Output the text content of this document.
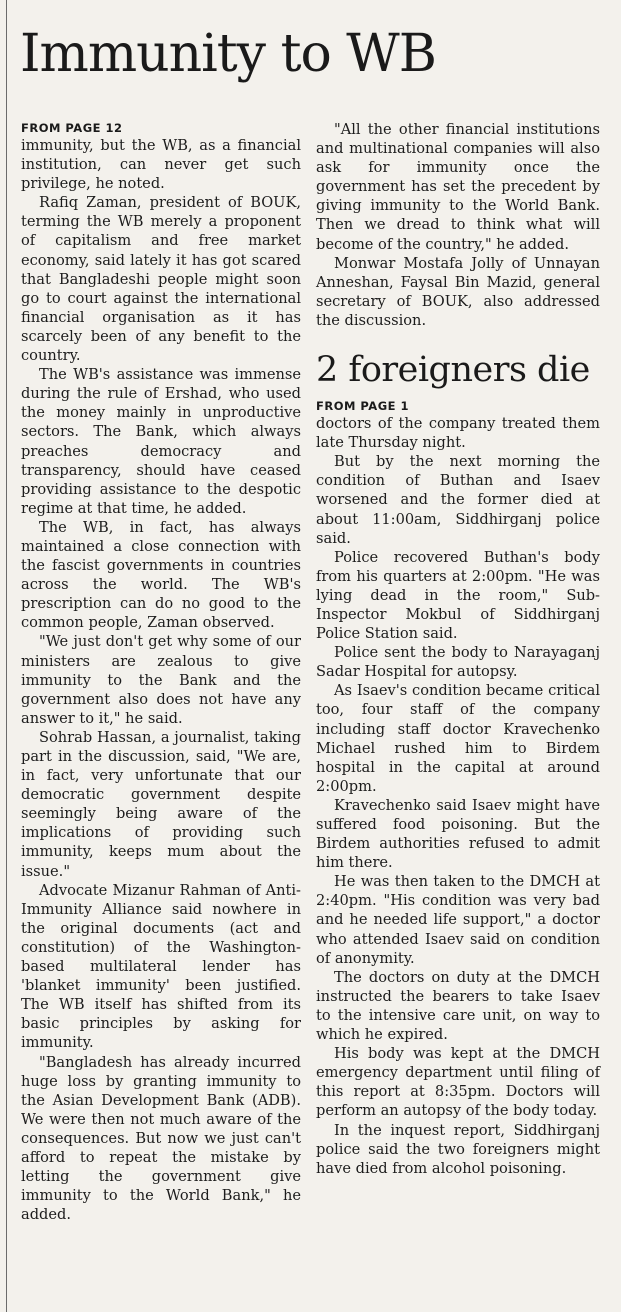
Immunity to WB

FROM PAGE 12

immunity, but the WB, as a financial institution, can never get such privilege, he noted.

Rafiq Zaman, president of BOUK, terming the WB merely a proponent of capitalism and free market economy, said lately it has got scared that Bangladeshi people might soon go to court against the international financial organisation as it has scarcely been of any benefit to the country.

The WB's assistance was immense during the rule of Ershad, who used the money mainly in unproductive sectors. The Bank, which always preaches democracy and transparency, should have ceased providing assistance to the despotic regime at that time, he added.

The WB, in fact, has always maintained a close connection with the fascist governments in countries across the world. The WB's prescription can do no good to the common people, Zaman observed.

"We just don't get why some of our ministers are zealous to give immunity to the Bank and the government also does not have any answer to it," he said.

Sohrab Hassan, a journalist, taking part in the discussion, said, "We are, in fact, very unfortunate that our democratic government despite seemingly being aware of the implications of providing such immunity, keeps mum about the issue."

Advocate Mizanur Rahman of Anti-Immunity Alliance said nowhere in the original documents (act and constitution) of the Washington-based multilateral lender has 'blanket immunity' been justified. The WB itself has shifted from its basic principles by asking for immunity.

"Bangladesh has already incurred huge loss by granting immunity to the Asian Development Bank (ADB). We were then not much aware of the consequences. But now we just can't afford to repeat the mistake by letting the government give immunity to the World Bank," he added.

"All the other financial institutions and multinational companies will also ask for immunity once the government has set the precedent by giving immunity to the World Bank. Then we dread to think what will become of the country," he added.

Monwar Mostafa Jolly of Unnayan Anneshan, Faysal Bin Mazid, general secretary of BOUK, also addressed the discussion.

2 foreigners die

FROM PAGE 1

doctors of the company treated them late Thursday night.

But by the next morning the condition of Buthan and Isaev worsened and the former died at about 11:00am, Siddhirganj police said.

Police recovered Buthan's body from his quarters at 2:00pm. "He was lying dead in the room," Sub-Inspector Mokbul of Siddhirganj Police Station said.

Police sent the body to Narayaganj Sadar Hospital for autopsy.

As Isaev's condition became critical too, four staff of the company including staff doctor Kravechenko Michael rushed him to Birdem hospital in the capital at around 2:00pm.

Kravechenko said Isaev might have suffered food poisoning. But the Birdem authorities refused to admit him there.

He was then taken to the DMCH at 2:40pm. "His condition was very bad and he needed life support," a doctor who attended Isaev said on condition of anonymity.

The doctors on duty at the DMCH instructed the bearers to take Isaev to the intensive care unit, on way to which he expired.

His body was kept at the DMCH emergency department until filing of this report at 8:35pm. Doctors will perform an autopsy of the body today.

In the inquest report, Siddhirganj police said the two foreigners might have died from alcohol poisoning.
